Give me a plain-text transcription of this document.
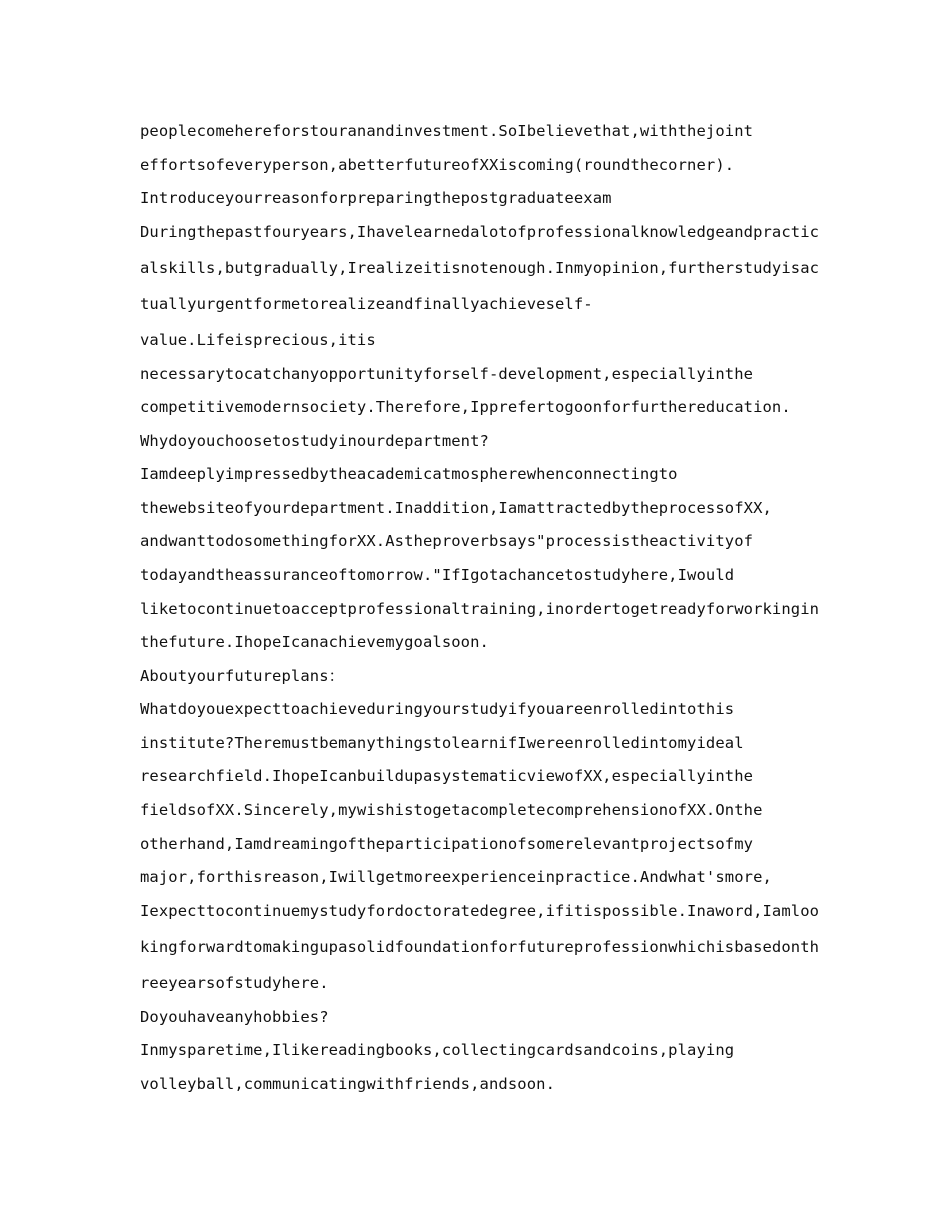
peoplecomehereforstouranandinvestment.SoIbelievethat,withthejoint
effortsofeveryperson,abetterfutureofXXiscoming(roundthecorner).
Introduceyourreasonforpreparingthepostgraduateexam
Duringthepastfouryears,Ihavelearnedalotofprofessionalknowledgeandpractic
alskills,butgradually,Irealizeitisnotenough.Inmyopinion,furtherstudyisac
tuallyurgentformetorealizeandfinallyachieveself-
value.Lifeisprecious,itis
necessarytocatchanyopportunityforself-development,especiallyinthe
competitivemodernsociety.Therefore,Ipprefertogoonforfurthereducation.
Whydoyouchoosetostudyinourdepartment?
Iamdeeplyimpressedbytheacademicatmospherewhenconnectingto
thewebsiteofyourdepartment.Inaddition,IamattractedbytheprocessofXX,
andwanttodosomethingforXX.Astheproverbsays"processistheactivityof
todayandtheassuranceoftomorrow."IfIgotachancetostudyhere,Iwould
liketocontinuetoacceptprofessionaltraining,inordertogetreadyforworkingin
thefuture.IhopeIcanachievemygoalsoon.
Aboutyourfutureplans：
Whatdoyouexpecttoachieveduringyourstudyifyouareenrolledintothis
institute?TheremustbemanythingstolearnifIwereenrolledintomyideal
researchfield.IhopeIcanbuildupasystematicviewofXX,especiallyinthe
fieldsofXX.Sincerely,mywishistogetacompletecomprehensionofXX.Onthe
otherhand,Iamdreamingoftheparticipationofsomerelevantprojectsofmy
major,forthisreason,Iwillgetmoreexperienceinpractice.Andwhat'smore,
Iexpecttocontinuemystudyfordoctoratedegree,ifitispossible.Inaword,Iamloo
kingforwardtomakingupasolidfoundationforfutureprofessionwhichisbasedonth
reeyearsofstudyhere.
Doyouhaveanyhobbies?
Inmysparetime,Ilikereadingbooks,collectingcardsandcoins,playing
volleyball,communicatingwithfriends,andsoon.
